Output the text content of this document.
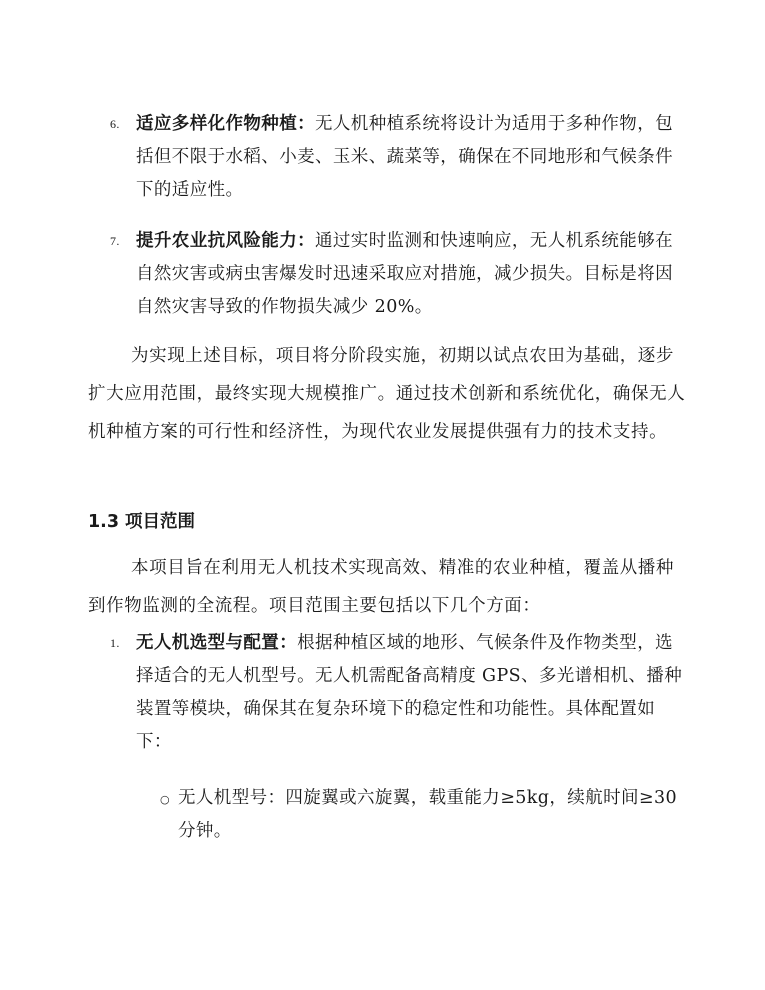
6. 适应多样化作物种植：无人机种植系统将设计为适用于多种作物，包括但不限于水稻、小麦、玉米、蔬菜等，确保在不同地形和气候条件下的适应性。
7. 提升农业抗风险能力：通过实时监测和快速响应，无人机系统能够在自然灾害或病虫害爆发时迅速采取应对措施，减少损失。目标是将因自然灾害导致的作物损失减少 20%。

为实现上述目标，项目将分阶段实施，初期以试点农田为基础，逐步扩大应用范围，最终实现大规模推广。通过技术创新和系统优化，确保无人机种植方案的可行性和经济性，为现代农业发展提供强有力的技术支持。

1.3 项目范围

本项目旨在利用无人机技术实现高效、精准的农业种植，覆盖从播种到作物监测的全流程。项目范围主要包括以下几个方面：

1. 无人机选型与配置：根据种植区域的地形、气候条件及作物类型，选择适合的无人机型号。无人机需配备高精度 GPS、多光谱相机、播种装置等模块，确保其在复杂环境下的稳定性和功能性。具体配置如下：
○ 无人机型号：四旋翼或六旋翼，载重能力≥5kg，续航时间≥30 分钟。
